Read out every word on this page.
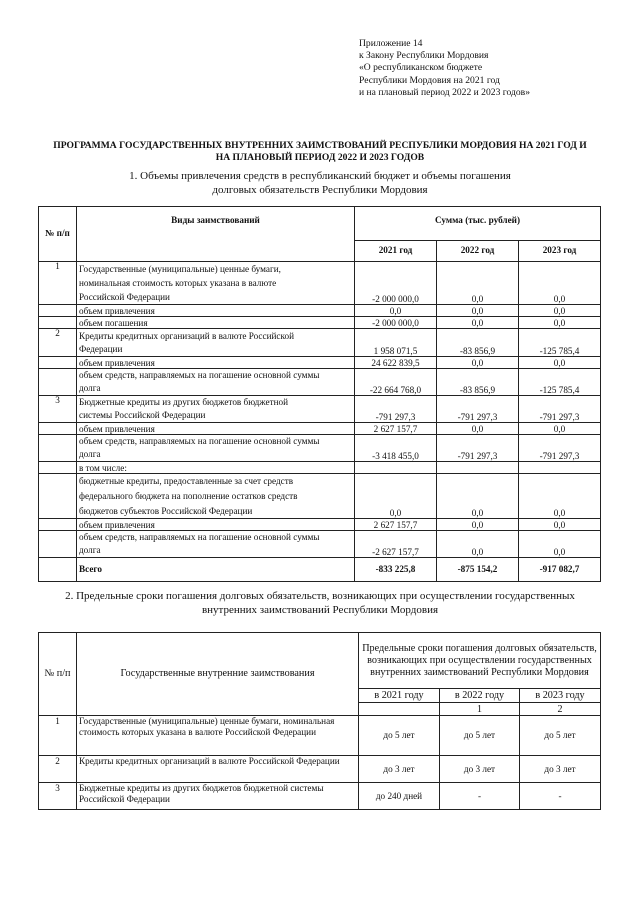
Приложение 14
к Закону Республики Мордовия
«О республиканском бюджете
Республики Мордовия на 2021 год
и на плановый период 2022 и 2023 годов»
ПРОГРАММА ГОСУДАРСТВЕННЫХ ВНУТРЕННИХ ЗАИМСТВОВАНИЙ РЕСПУБЛИКИ МОРДОВИЯ НА 2021 ГОД И
НА ПЛАНОВЫЙ ПЕРИОД 2022 И 2023 ГОДОВ
1. Объемы привлечения средств в республиканский бюджет и объемы погашения
долговых обязательств Республики Мордовия
№ п/п	Виды заимствований	Сумма (тыс. рублей)		
		2021 год	2022 год	2023 год
1	Государственные (муниципальные) ценные бумаги,
номинальная стоимость которых указана в валюте
Российской Федерации	-2 000 000,0	0,0	0,0
	объем привлечения	0,0	0,0	0,0
	объем погашения	-2 000 000,0	0,0	0,0
2	Кредиты кредитных организаций в валюте Российской
Федерации	1 958 071,5	-83 856,9	-125 785,4
	объем привлечения	24 622 839,5	0,0	0,0

	объем средств, направляемых на погашение основной суммы
долга	-22 664 768,0	-83 856,9	-125 785,4
3	Бюджетные кредиты из других бюджетов бюджетной
системы Российской Федерации	-791 297,3	-791 297,3	-791 297,3
	объем привлечения	2 627 157,7	0,0	0,0

	объем средств, направляемых на погашение основной суммы
долга	-3 418 455,0	-791 297,3	-791 297,3
	в том числе:			

	бюджетные кредиты, предоставленные за счет средств
федерального бюджета на пополнение остатков средств
бюджетов субъектов Российской Федерации	0,0	0,0	0,0
	объем привлечения	2 627 157,7	0,0	0,0

	объем средств, направляемых на погашение основной суммы
долга	-2 627 157,7	0,0	0,0
	Всего	-833 225,8	-875 154,2	-917 082,7
2. Предельные сроки погашения долговых обязательств, возникающих при осуществлении государственных
внутренних заимствований Республики Мордовия
№ п/п	Государственные внутренние заимствования	Предельные сроки погашения долговых обязательств, возникающих при осуществлении государственных внутренних заимствований Республики Мордовия			
		в 2021 году	в 2022 году	в 2023 году	
			1	2		
1	Государственные (муниципальные) ценные бумаги, номинальная стоимость которых указана в валюте Российской Федерации	до 5 лет	до 5 лет	до 5 лет	
2	Кредиты кредитных организаций в валюте Российской Федерации	до 3 лет	до 3 лет	до 3 лет	
3	Бюджетные кредиты из других бюджетов бюджетной системы Российской Федерации	до 240 дней	-	-	
